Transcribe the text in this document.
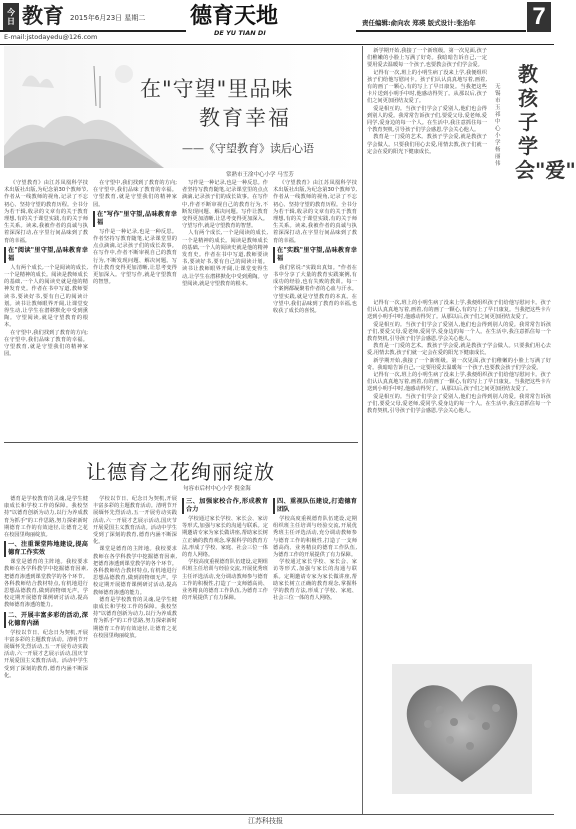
今日 教育 2015年6月23日 星期二
E-mail:jstodayedu@126.com
德育天地
DE YU TIAN DI
责任编辑:俞向农 郑瑛 版式设计:张治年 7
在"守望"里品味
教育幸福
——《守望教育》读后心语
常熟市王淦中心小学 马雪芳

《守望教育》由江苏凤凰科学技术出版社出版,为纪念第30个教师节,作者从一线教师的视角,记录了不忘初心、坚持守望的教育历程。全书分为若干辑,收录的文章有的关于教育理想,有的关于课堂实践,有的关于师生关系。读来,我被作者的真诚与执着深深打动,在字里行间品味到了教育的幸福。

在"阅读"里守望,品味教育幸福

人有两个成长,一个是阅读的成长,一个是精神的成长。阅读是教师成长的基础,一个人的阅读史就是他的精神发育史。作者在书中写道,教师要读书,要读好书,要有自己的阅读计划。读书让教师眼界开阔,让课堂变得生动,让学生在潜移默化中受到熏陶。守望阅读,就是守望教育的根本。

在守望中,我们找到了教育的方向;在守望中,我们品味了教育的幸福。守望教育,就是守望我们的精神家园。

在守望中,我们找到了教育的方向;在守望中,我们品味了教育的幸福。守望教育,就是守望我们的精神家园。

在"写作"里守望,品味教育幸福

写作是一种记录,也是一种反思。作者坚持写教育随笔,记录课堂里的点点滴滴,记录孩子们的成长故事。在写作中,作者不断审视自己的教育行为,不断发现问题、解决问题。写作让教育变得更加清晰,让思考变得更加深入。守望写作,就是守望教育的智慧。

写作是一种记录,也是一种反思。作者坚持写教育随笔,记录课堂里的点点滴滴,记录孩子们的成长故事。在写作中,作者不断审视自己的教育行为,不断发现问题、解决问题。写作让教育变得更加清晰,让思考变得更加深入。守望写作,就是守望教育的智慧。

人有两个成长,一个是阅读的成长,一个是精神的成长。阅读是教师成长的基础,一个人的阅读史就是他的精神发育史。作者在书中写道,教师要读书,要读好书,要有自己的阅读计划。读书让教师眼界开阔,让课堂变得生动,让学生在潜移默化中受到熏陶。守望阅读,就是守望教育的根本。

《守望教育》由江苏凤凰科学技术出版社出版,为纪念第30个教师节,作者从一线教师的视角,记录了不忘初心、坚持守望的教育历程。全书分为若干辑,收录的文章有的关于教育理想,有的关于课堂实践,有的关于师生关系。读来,我被作者的真诚与执着深深打动,在字里行间品味到了教育的幸福。

在"实践"里守望,品味教育幸福

我们常说:"实践出真知。"作者在书中分享了大量的教育实践案例,有成功的经验,也有失败的教训。每一个案例都凝聚着作者的心血与汗水。守望实践,就是守望教育的本真。在守望中,我们品味到了教育的幸福,也收获了成长的喜悦。

让德育之花绚丽绽放
句容市后村中心小学 倪金海

德育是学校教育的灵魂,是学生健康成长和学校工作的保障。我校坚持"以德育创新为动力,以行为养成教育为抓手"的工作思路,努力探索新时期德育工作的有效途径,让德育之花在校园里绚丽绽放。

一、注重课堂阵地建设,提高德育工作实效

课堂是德育的主阵地。我校要求教师在各学科教学中挖掘德育因素,把德育渗透到课堂教学的各个环节。各科教师结合教材特点,有机地进行思想品德教育,做到润物细无声。学校定期开展德育课例研讨活动,提高教师德育渗透的能力。

二、开展丰富多彩的活动,深化德育内涵

学校以节日、纪念日为契机,开展丰富多彩的主题教育活动。清明节开展缅怀先烈活动,五一开展劳动实践活动,六一开展才艺展示活动,国庆节开展爱国主义教育活动。活动中学生受到了深刻的教育,德育内涵不断深化。

学校以节日、纪念日为契机,开展丰富多彩的主题教育活动。清明节开展缅怀先烈活动,五一开展劳动实践活动,六一开展才艺展示活动,国庆节开展爱国主义教育活动。活动中学生受到了深刻的教育,德育内涵不断深化。

课堂是德育的主阵地。我校要求教师在各学科教学中挖掘德育因素,把德育渗透到课堂教学的各个环节。各科教师结合教材特点,有机地进行思想品德教育,做到润物细无声。学校定期开展德育课例研讨活动,提高教师德育渗透的能力。

德育是学校教育的灵魂,是学生健康成长和学校工作的保障。我校坚持"以德育创新为动力,以行为养成教育为抓手"的工作思路,努力探索新时期德育工作的有效途径,让德育之花在校园里绚丽绽放。

三、加强家校合作,形成教育合力

学校通过家长学校、家长会、家访等形式,加强与家长的沟通与联系。定期邀请专家为家长做讲座,帮助家长树立正确的教育观念,掌握科学的教育方法,形成了学校、家庭、社会三位一体的育人网络。

学校高度重视德育队伍建设,定期组织班主任培训与经验交流,开展优秀班主任评选活动,充分调动教师参与德育工作的积极性,打造了一支师德高尚、业务精良的德育工作队伍,为德育工作的开展提供了有力保障。

四、重视队伍建设,打造德育团队

学校高度重视德育队伍建设,定期组织班主任培训与经验交流,开展优秀班主任评选活动,充分调动教师参与德育工作的积极性,打造了一支师德高尚、业务精良的德育工作队伍,为德育工作的开展提供了有力保障。

学校通过家长学校、家长会、家访等形式,加强与家长的沟通与联系。定期邀请专家为家长做讲座,帮助家长树立正确的教育观念,掌握科学的教育方法,形成了学校、家庭、社会三位一体的育人网络。

新学期开始,我接了一个新班级。第一次见面,孩子们稚嫩的小脸上写满了好奇。我暗暗告诉自己,一定要用爱去温暖每一个孩子,也要教会孩子们学会爱。

记得有一次,班上的小明生病了没来上学,我便组织孩子们给他写慰问卡。孩子们认认真真地写着,画着,有的画了一颗心,有的写上了早日康复。当我把这些卡片送到小明手中时,他感动得哭了。从那以后,孩子们之间更加团结友爱了。

爱是相互的。当孩子们学会了爱别人,他们也会得到别人的爱。我常常告诉孩子们,要爱父母,爱老师,爱同学,爱身边的每一个人。在生活中,我注意抓住每一个教育契机,引导孩子们学会感恩,学会关心他人。

教育是一门爱的艺术。教孩子学会爱,就是教孩子学会做人。只要我们用心去爱,用情去教,孩子们就一定会在爱的阳光下健康成长。

教孩子学会"爱"
无锡市玉祁中心小学 杨丽伟

记得有一次,班上的小明生病了没来上学,我便组织孩子们给他写慰问卡。孩子们认认真真地写着,画着,有的画了一颗心,有的写上了早日康复。当我把这些卡片送到小明手中时,他感动得哭了。从那以后,孩子们之间更加团结友爱了。

爱是相互的。当孩子们学会了爱别人,他们也会得到别人的爱。我常常告诉孩子们,要爱父母,爱老师,爱同学,爱身边的每一个人。在生活中,我注意抓住每一个教育契机,引导孩子们学会感恩,学会关心他人。

教育是一门爱的艺术。教孩子学会爱,就是教孩子学会做人。只要我们用心去爱,用情去教,孩子们就一定会在爱的阳光下健康成长。

新学期开始,我接了一个新班级。第一次见面,孩子们稚嫩的小脸上写满了好奇。我暗暗告诉自己,一定要用爱去温暖每一个孩子,也要教会孩子们学会爱。

记得有一次,班上的小明生病了没来上学,我便组织孩子们给他写慰问卡。孩子们认认真真地写着,画着,有的画了一颗心,有的写上了早日康复。当我把这些卡片送到小明手中时,他感动得哭了。从那以后,孩子们之间更加团结友爱了。

爱是相互的。当孩子们学会了爱别人,他们也会得到别人的爱。我常常告诉孩子们,要爱父母,爱老师,爱同学,爱身边的每一个人。在生活中,我注意抓住每一个教育契机,引导孩子们学会感恩,学会关心他人。

江苏科技报
